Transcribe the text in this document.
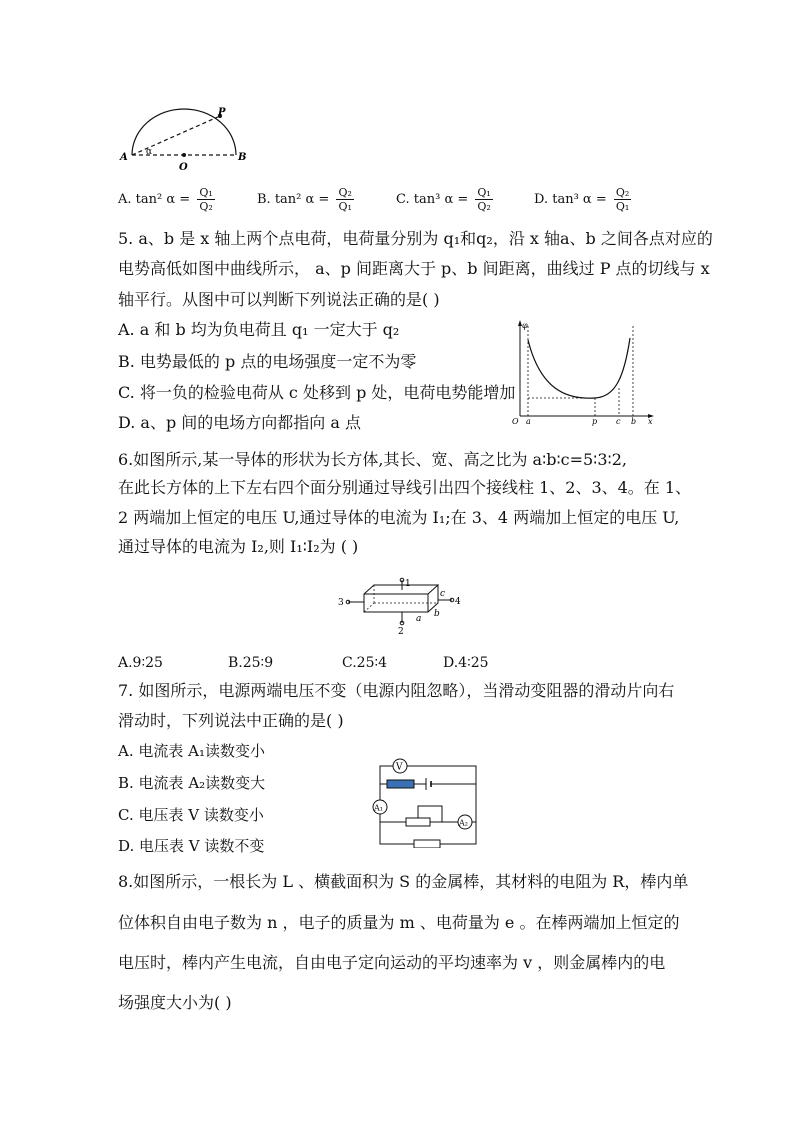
A	B
O
P
α
A. tan² $\alpha = \frac{\text{Q₁}}{\text{Q₂}}$	B. tan² $\alpha = \frac{\text{Q₂}}{\text{Q₁}}$	C. tan³ $\alpha = \frac{\text{Q₁}}{\text{Q₂}}$	D. tan³ $\alpha = \frac{\text{Q₂}}{\text{Q₁}}$
5. a、b 是 x 轴上两个点电荷，电荷量分别为 q₁和q₂，沿 x 轴a、b 之间各点对应的
电势高低如图中曲线所示， a、p 间距离大于 p、b 间距离，曲线过 P 点的切线与 x
轴平行。从图中可以判断下列说法正确的是( )
A. a 和 b 均为负电荷且 q₁ 一定大于 q₂
B. 电势最低的 p 点的电场强度一定不为零
C. 将一负的检验电荷从 c 处移到 p 处，电荷电势能增加
D. a、p 间的电场方向都指向 a 点
φ
x
O a	p c b
6.如图所示,某一导体的形状为长方体,其长、宽、高之比为 a∶b∶c=5∶3∶2,
在此长方体的上下左右四个面分别通过导线引出四个接线柱 1、2、3、4。在 1、
2 两端加上恒定的电压 U,通过导体的电流为 I₁;在 3、4 两端加上恒定的电压 U,
通过导体的电流为 I₂,则 I₁∶I₂为 ( )
1
2
3	4
a b
c
A.9∶25	B.25∶9	C.25∶4	D.4∶25
7. 如图所示，电源两端电压不变（电源内阻忽略），当滑动变阻器的滑动片向右
滑动时，下列说法中正确的是( )
A. 电流表 A₁读数变小
B. 电流表 A₂读数变大
C. 电压表 V 读数变小
D. 电压表 V 读数不变
V
A₁
A₂
8.如图所示，一根长为 L 、横截面积为 S 的金属棒，其材料的电阻为 R，棒内单
位体积自由电子数为 n ，电子的质量为 m 、电荷量为 e 。在棒两端加上恒定的
电压时，棒内产生电流，自由电子定向运动的平均速率为 v ，则金属棒内的电
场强度大小为( )
